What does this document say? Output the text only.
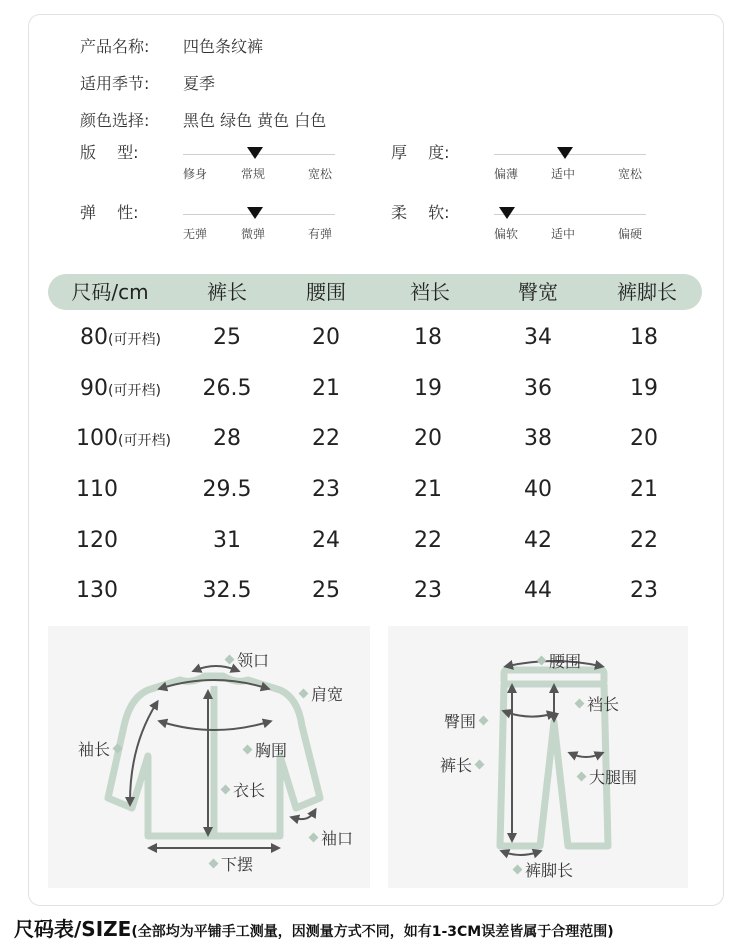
产品名称: 四色条纹裤
适用季节: 夏季
颜色选择: 黑色 绿色 黄色 白色
版　 型:
修身	常规	宽松
厚　 度:
偏薄	适中	宽松
弹　 性:
无弹	微弹	有弹
柔　 软:
偏软	适中	偏硬
尺码/cm	裤长	腰围	裆长	臀宽	裤脚长
80(可开档)	25	20	18	34	18
90(可开档)	26.5	21	19	36	19
100(可开档)	28	22	20	38	20
110	29.5	23	21	40	21
120	31	24	22	42	22
130	32.5	25	23	44	23
领口
肩宽
袖长	胸围
衣长
袖口
下摆
腰围
裆长
臀围
裤长
大腿围
裤脚长
尺码表/SIZE(全部均为平铺手工测量，因测量方式不同，如有1-3CM误差皆属于合理范围)
